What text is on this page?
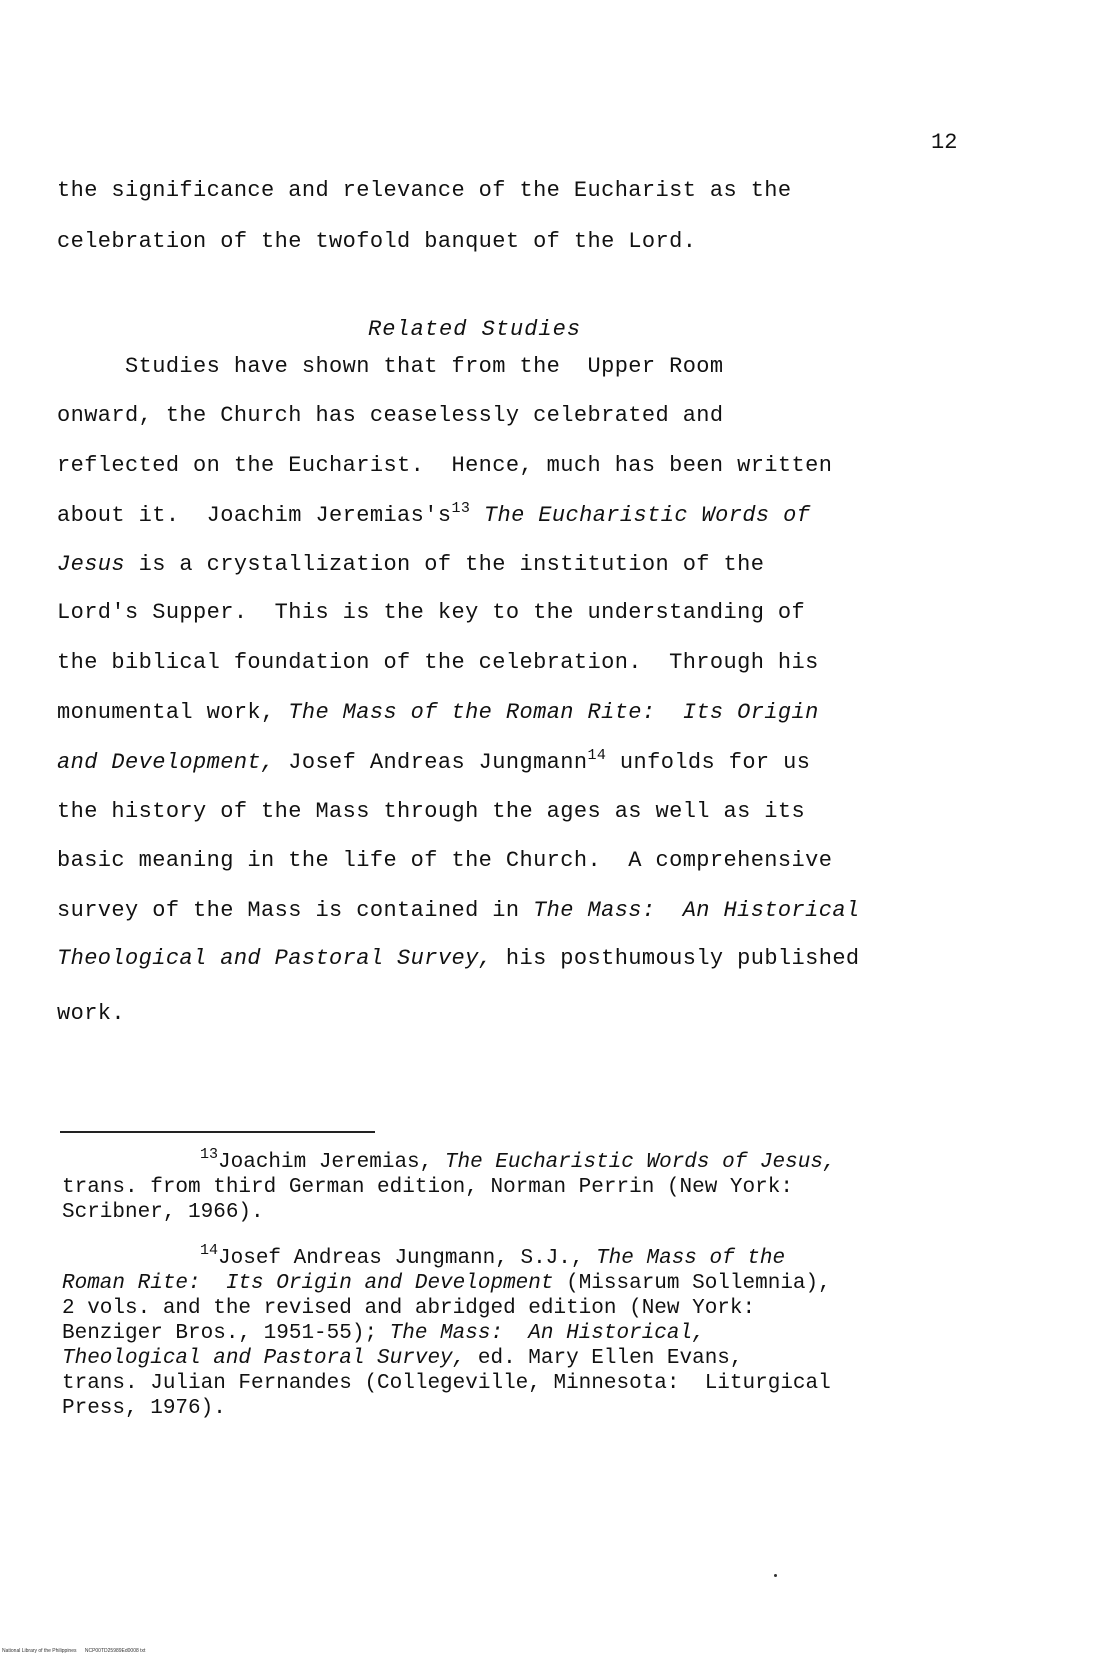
12
the significance and relevance of the Eucharist as the
celebration of the twofold banquet of the Lord.
Related Studies
Studies have shown that from the  Upper Room
onward, the Church has ceaselessly celebrated and
reflected on the Eucharist.  Hence, much has been written
about it.  Joachim $Jeremias's^{13}$ The Eucharistic Words of
Jesus is a crystallization of the institution of the
Lord's Supper.  This is the key to the understanding of
the biblical foundation of the celebration.  Through his
monumental work, The Mass of the Roman Rite:  Its Origin
and Development, Josef Andreas Jungmann$^{14}$ unfolds for us
the history of the Mass through the ages as well as its
basic meaning in the life of the Church.  A comprehensive
survey of the Mass is contained in The Mass:  An Historical
Theological and Pastoral Survey, his posthumously published
work.
$^{13}$Joachim Jeremias, The Eucharistic Words of Jesus,
trans. from third German edition, Norman Perrin (New York:
Scribner, 1966).
$^{14}$Josef Andreas Jungmann, S.J., The Mass of the
Roman Rite:  Its Origin and Development (Missarum Sollemnia),
2 vols. and the revised and abridged edition (New York:
Benziger Bros., 1951-55); The Mass:  An Historical,
Theological and Pastoral Survey, ed. Mary Ellen Evans,
trans. Julian Fernandes (Collegeville, Minnesota:  Liturgical
Press, 1976).
National Library of the Philippines NCP00TD25989Ed0008 txt
